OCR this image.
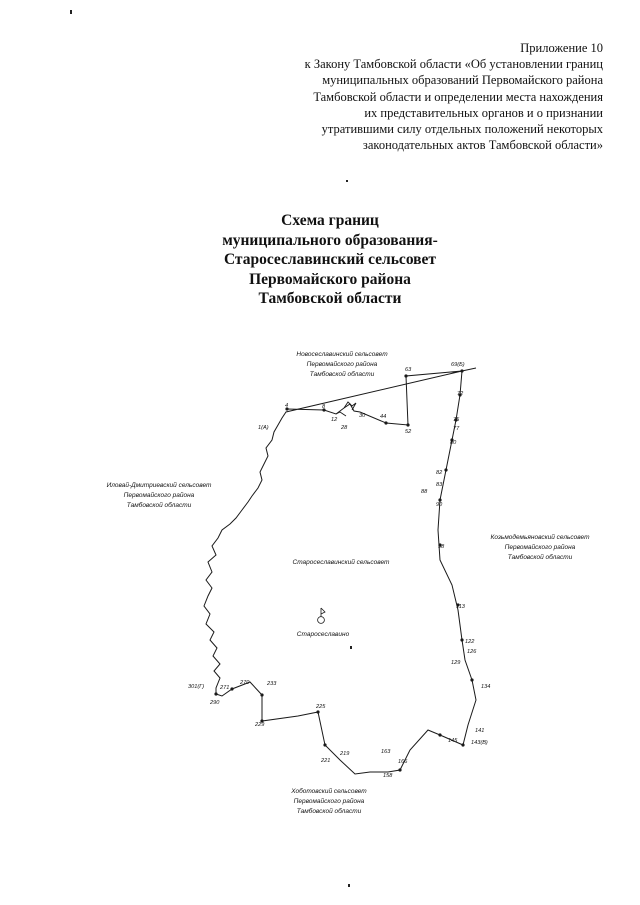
Приложение 10
к Закону Тамбовской области «Об установлении границ
муниципальных образований Первомайского района
Тамбовской области и определении места нахождения
их представительных органов и о признании
утратившими силу отдельных положений некоторых
законодательных актов Тамбовской области»
Схема границ
муниципального образования-
Старосеславинский сельсовет
Первомайского района
Тамбовской области
Новосеславинский сельсовет
Первомайского района
Тамбовской области
Иловай-Дмитриевский сельсовет
Первомайского района
Тамбовской области
Козьмодемьяновский сельсовет
Первомайского района
Тамбовской области
Хоботовский сельсовет
Первомайского района
Тамбовской области
Старосеславинский сельсовет
Старосеславино
1(А)
4	8
12
28
30	44
52
63
69(Б)
72
75
77
80
82
83
88
90
98
113
122
126
129
134
141
143(В)
145
163
166
158
219
221
225
229
233
270
271
290
301(Г)
